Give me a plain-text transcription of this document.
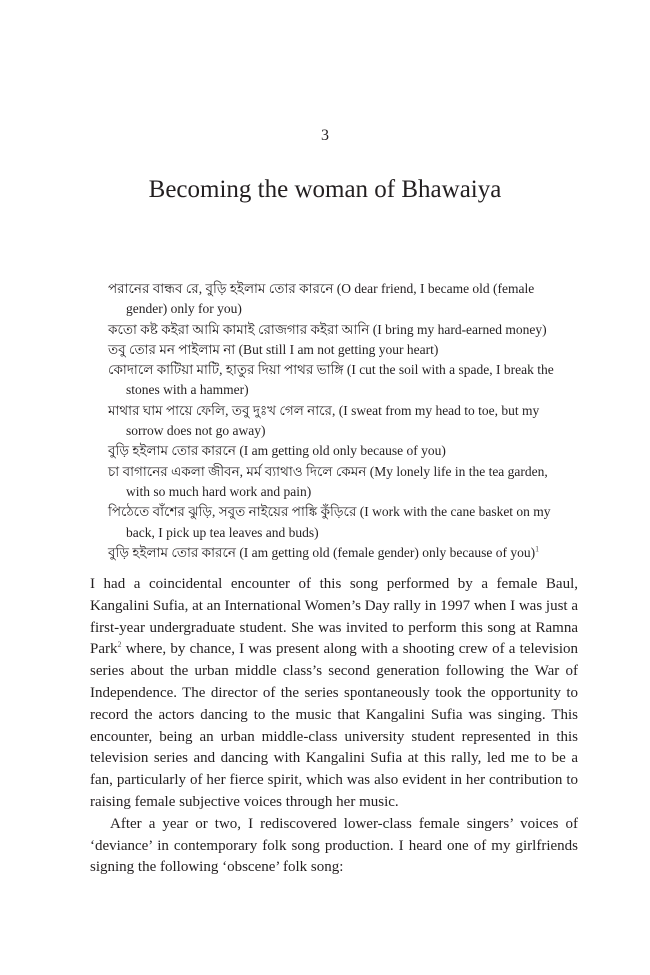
3
Becoming the woman of Bhawaiya
পরানের বান্ধব রে, বুড়ি হইলাম তোর কারনে (O dear friend, I became old (female gender) only for you)
কতো কষ্ট কইরা আমি কামাই রোজগার কইরা আনি (I bring my hard-earned money)
তবু তোর মন পাইলাম না (But still I am not getting your heart)
কোদালে কাটিয়া মাটি, হাতুর দিয়া পাথর ভাঙ্গি (I cut the soil with a spade, I break the stones with a hammer)
মাথার ঘাম পায়ে ফেলি, তবু দুঃখ গেল নারে, (I sweat from my head to toe, but my sorrow does not go away)
বুড়ি হইলাম তোর কারনে (I am getting old only because of you)
চা বাগানের একলা জীবন, মর্ম ব্যাথাও দিলে কেমন (My lonely life in the tea garden, with so much hard work and pain)
পিঠেতে বাঁশের ঝুড়ি, সবুত নাইয়ের পাঙ্কি কুঁড়িরে (I work with the cane basket on my back, I pick up tea leaves and buds)
বুড়ি হইলাম তোর কারনে (I am getting old (female gender) only because of you)$^1$

I had a coincidental encounter of this song performed by a female Baul, Kangalini Sufia, at an International Women’s Day rally in 1997 when I was just a first-year undergraduate student. She was invited to perform this song at Ramna Park$^2$ where, by chance, I was present along with a shooting crew of a television series about the urban middle class’s second generation following the War of Independence. The director of the series spontaneously took the opportunity to record the actors dancing to the music that Kangalini Sufia was singing. This encounter, being an urban middle-class university student represented in this television series and dancing with Kangalini Sufia at this rally, led me to be a fan, particularly of her fierce spirit, which was also evident in her contribution to raising female subjective voices through her music.

After a year or two, I rediscovered lower-class female singers’ voices of ‘deviance’ in contemporary folk song production. I heard one of my girlfriends signing the following ‘obscene’ folk song:
